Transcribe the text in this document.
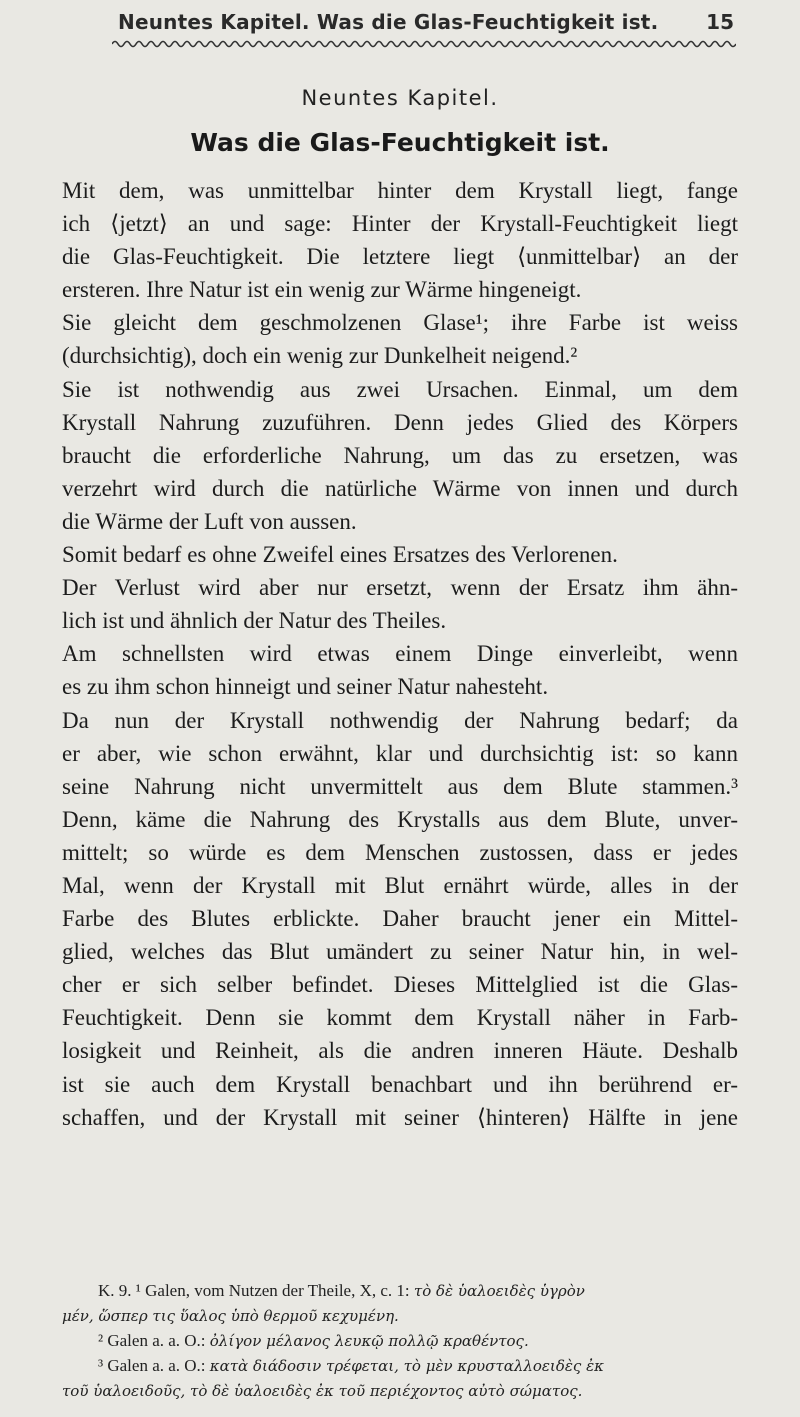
Neuntes Kapitel. Was die Glas-Feuchtigkeit ist. 15
Neuntes Kapitel.
Was die Glas-Feuchtigkeit ist.
Mit dem, was unmittelbar hinter dem Krystall liegt, fange
ich ⟨jetzt⟩ an und sage: Hinter der Krystall-Feuchtigkeit liegt
die Glas-Feuchtigkeit. Die letztere liegt ⟨unmittelbar⟩ an der
ersteren. Ihre Natur ist ein wenig zur Wärme hingeneigt.
Sie gleicht dem geschmolzenen Glase¹; ihre Farbe ist weiss
(durchsichtig), doch ein wenig zur Dunkelheit neigend.²
Sie ist nothwendig aus zwei Ursachen. Einmal, um dem
Krystall Nahrung zuzuführen. Denn jedes Glied des Körpers
braucht die erforderliche Nahrung, um das zu ersetzen, was
verzehrt wird durch die natürliche Wärme von innen und durch
die Wärme der Luft von aussen.
Somit bedarf es ohne Zweifel eines Ersatzes des Verlorenen.
Der Verlust wird aber nur ersetzt, wenn der Ersatz ihm ähn-
lich ist und ähnlich der Natur des Theiles.
Am schnellsten wird etwas einem Dinge einverleibt, wenn
es zu ihm schon hinneigt und seiner Natur nahesteht.
Da nun der Krystall nothwendig der Nahrung bedarf; da
er aber, wie schon erwähnt, klar und durchsichtig ist: so kann
seine Nahrung nicht unvermittelt aus dem Blute stammen.³
Denn, käme die Nahrung des Krystalls aus dem Blute, unver-
mittelt; so würde es dem Menschen zustossen, dass er jedes
Mal, wenn der Krystall mit Blut ernährt würde, alles in der
Farbe des Blutes erblickte. Daher braucht jener ein Mittel-
glied, welches das Blut umändert zu seiner Natur hin, in wel-
cher er sich selber befindet. Dieses Mittelglied ist die Glas-
Feuchtigkeit. Denn sie kommt dem Krystall näher in Farb-
losigkeit und Reinheit, als die andren inneren Häute. Deshalb
ist sie auch dem Krystall benachbart und ihn berührend er-
schaffen, und der Krystall mit seiner ⟨hinteren⟩ Hälfte in jene
K. 9. ¹ Galen, vom Nutzen der Theile, X, c. 1: τὸ δὲ ὑαλοειδὲς ὑγρὸν
μέν, ὥσπερ τις ὕαλος ὑπὸ θερμοῦ κεχυμένη.
² Galen a. a. O.: ὀλίγον μέλανος λευκῷ πολλῷ κραθέντος.
³ Galen a. a. O.: κατὰ διάδοσιν τρέφεται, τὸ μὲν κρυσταλλοειδὲς ἐκ
τοῦ ὑαλοειδοῦς, τὸ δὲ ὑαλοειδὲς ἐκ τοῦ περιέχοντος αὐτὸ σώματος.
